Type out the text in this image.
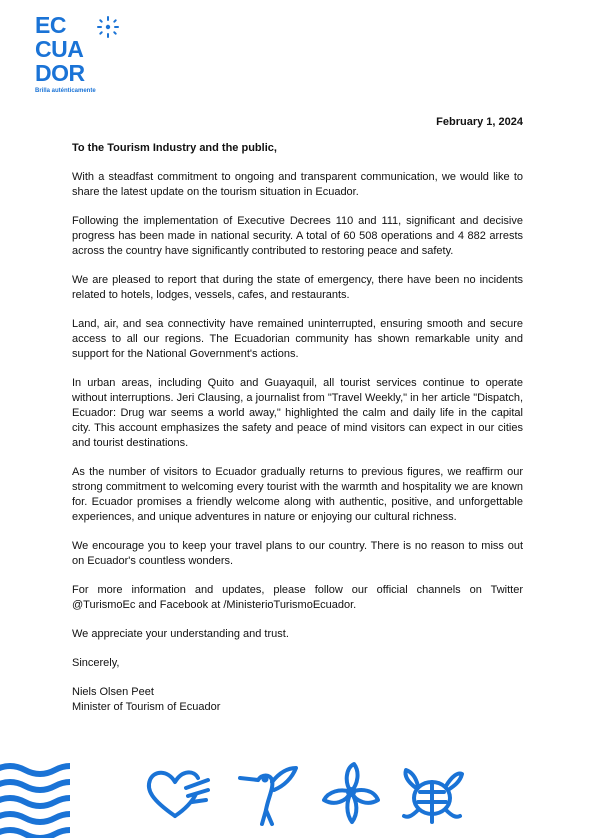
EC
CUA
DOR
Brilla auténticamente
February 1, 2024
To the Tourism Industry and the public,

With a steadfast commitment to ongoing and transparent communication, we would like to share the latest update on the tourism situation in Ecuador.

Following the implementation of Executive Decrees 110 and 111, significant and decisive progress has been made in national security. A total of 60 508 operations and 4 882 arrests across the country have significantly contributed to restoring peace and safety.

We are pleased to report that during the state of emergency, there have been no incidents related to hotels, lodges, vessels, cafes, and restaurants.

Land, air, and sea connectivity have remained uninterrupted, ensuring smooth and secure access to all our regions. The Ecuadorian community has shown remarkable unity and support for the National Government's actions.

In urban areas, including Quito and Guayaquil, all tourist services continue to operate without interruptions. Jeri Clausing, a journalist from "Travel Weekly," in her article "Dispatch, Ecuador: Drug war seems a world away," highlighted the calm and daily life in the capital city. This account emphasizes the safety and peace of mind visitors can expect in our cities and tourist destinations.

As the number of visitors to Ecuador gradually returns to previous figures, we reaffirm our strong commitment to welcoming every tourist with the warmth and hospitality we are known for. Ecuador promises a friendly welcome along with authentic, positive, and unforgettable experiences, and unique adventures in nature or enjoying our cultural richness.

We encourage you to keep your travel plans to our country. There is no reason to miss out on Ecuador's countless wonders.

For more information and updates, please follow our official channels on Twitter @TurismoEc and Facebook at /MinisterioTurismoEcuador.

We appreciate your understanding and trust.

Sincerely,

Niels Olsen Peet
Minister of Tourism of Ecuador
